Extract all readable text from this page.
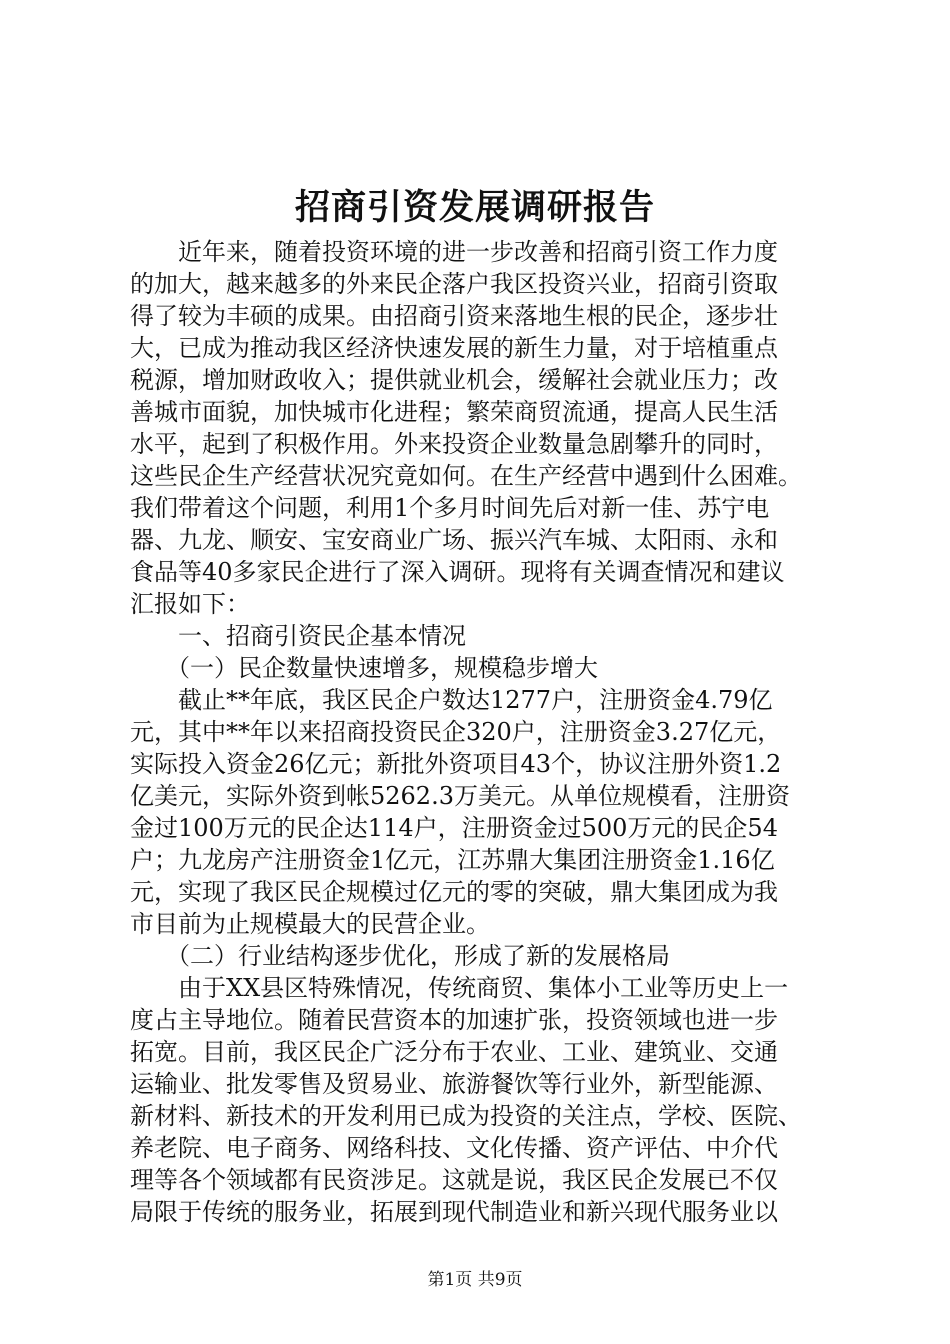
招商引资发展调研报告
　　近年来，随着投资环境的进一步改善和招商引资工作力度
的加大，越来越多的外来民企落户我区投资兴业，招商引资取
得了较为丰硕的成果。由招商引资来落地生根的民企，逐步壮
大，已成为推动我区经济快速发展的新生力量，对于培植重点
税源，增加财政收入；提供就业机会，缓解社会就业压力；改
善城市面貌，加快城市化进程；繁荣商贸流通，提高人民生活
水平，起到了积极作用。外来投资企业数量急剧攀升的同时，
这些民企生产经营状况究竟如何。在生产经营中遇到什么困难。
我们带着这个问题，利用1个多月时间先后对新一佳、苏宁电
器、九龙、顺安、宝安商业广场、振兴汽车城、太阳雨、永和
食品等40多家民企进行了深入调研。现将有关调查情况和建议
汇报如下：
　　一、招商引资民企基本情况
　　（一）民企数量快速增多，规模稳步增大
　　截止**年底，我区民企户数达1277户，注册资金4.79亿
元，其中**年以来招商投资民企320户，注册资金3.27亿元，
实际投入资金26亿元；新批外资项目43个，协议注册外资1.2
亿美元，实际外资到帐5262.3万美元。从单位规模看，注册资
金过100万元的民企达114户，注册资金过500万元的民企54
户；九龙房产注册资金1亿元，江苏鼎大集团注册资金1.16亿
元，实现了我区民企规模过亿元的零的突破，鼎大集团成为我
市目前为止规模最大的民营企业。
　　（二）行业结构逐步优化，形成了新的发展格局
　　由于XX县区特殊情况，传统商贸、集体小工业等历史上一
度占主导地位。随着民营资本的加速扩张，投资领域也进一步
拓宽。目前，我区民企广泛分布于农业、工业、建筑业、交通
运输业、批发零售及贸易业、旅游餐饮等行业外，新型能源、
新材料、新技术的开发利用已成为投资的关注点，学校、医院、
养老院、电子商务、网络科技、文化传播、资产评估、中介代
理等各个领域都有民资涉足。这就是说，我区民企发展已不仅
局限于传统的服务业，拓展到现代制造业和新兴现代服务业以
第1页 共9页
